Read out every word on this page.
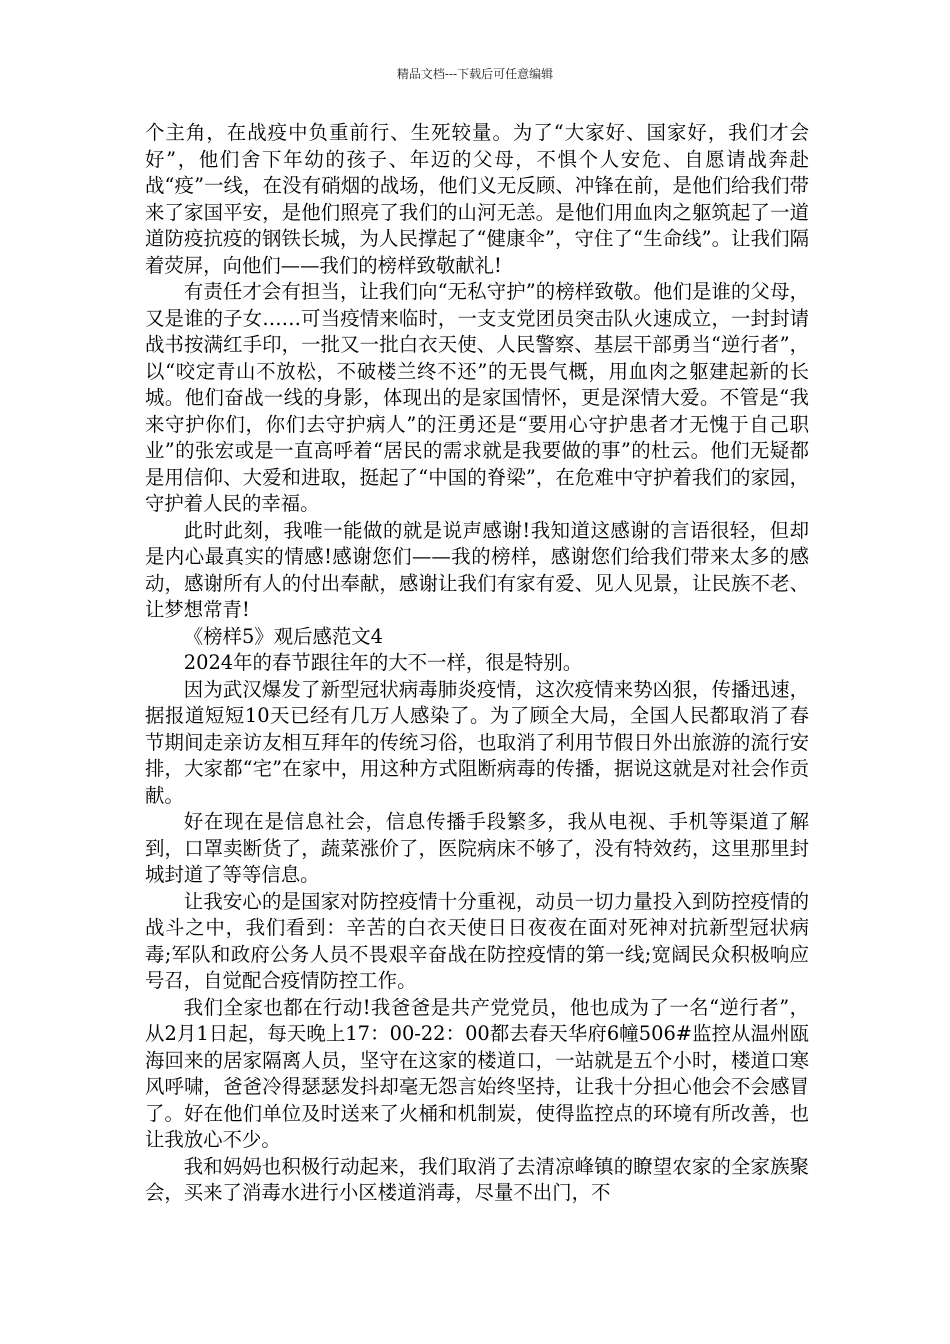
精品文档---下载后可任意编辑

个主角，在战疫中负重前行、生死较量。为了“大家好、国家好，我们才会好”，他们舍下年幼的孩子、年迈的父母，不惧个人安危、自愿请战奔赴战“疫”一线，在没有硝烟的战场，他们义无反顾、冲锋在前，是他们给我们带来了家国平安，是他们照亮了我们的山河无恙。是他们用血肉之躯筑起了一道道防疫抗疫的钢铁长城，为人民撑起了“健康伞”，守住了“生命线”。让我们隔着荧屏，向他们——我们的榜样致敬献礼!

有责任才会有担当，让我们向“无私守护”的榜样致敬。他们是谁的父母，又是谁的子女……可当疫情来临时，一支支党团员突击队火速成立，一封封请战书按满红手印，一批又一批白衣天使、人民警察、基层干部勇当“逆行者”，以“咬定青山不放松，不破楼兰终不还”的无畏气概，用血肉之躯建起新的长城。他们奋战一线的身影，体现出的是家国情怀，更是深情大爱。不管是“我来守护你们，你们去守护病人”的汪勇还是“要用心守护患者才无愧于自己职业”的张宏或是一直高呼着“居民的需求就是我要做的事”的杜云。他们无疑都是用信仰、大爱和进取，挺起了“中国的脊梁”，在危难中守护着我们的家园，守护着人民的幸福。

此时此刻，我唯一能做的就是说声感谢!我知道这感谢的言语很轻，但却是内心最真实的情感!感谢您们——我的榜样，感谢您们给我们带来太多的感动，感谢所有人的付出奉献，感谢让我们有家有爱、见人见景，让民族不老、让梦想常青!

《榜样5》观后感范文4

2024年的春节跟往年的大不一样，很是特别。

因为武汉爆发了新型冠状病毒肺炎疫情，这次疫情来势凶狠，传播迅速，据报道短短10天已经有几万人感染了。为了顾全大局，全国人民都取消了春节期间走亲访友相互拜年的传统习俗，也取消了利用节假日外出旅游的流行安排，大家都“宅”在家中，用这种方式阻断病毒的传播，据说这就是对社会作贡献。

好在现在是信息社会，信息传播手段繁多，我从电视、手机等渠道了解到，口罩卖断货了，蔬菜涨价了，医院病床不够了，没有特效药，这里那里封城封道了等等信息。

让我安心的是国家对防控疫情十分重视，动员一切力量投入到防控疫情的战斗之中，我们看到：辛苦的白衣天使日日夜夜在面对死神对抗新型冠状病毒;军队和政府公务人员不畏艰辛奋战在防控疫情的第一线;宽阔民众积极响应号召，自觉配合疫情防控工作。

我们全家也都在行动!我爸爸是共产党党员，他也成为了一名“逆行者”，从2月1日起，每天晚上17：00-22：00都去春天华府6幢506#监控从温州瓯海回来的居家隔离人员，坚守在这家的楼道口，一站就是五个小时，楼道口寒风呼啸，爸爸冷得瑟瑟发抖却毫无怨言始终坚持，让我十分担心他会不会感冒了。好在他们单位及时送来了火桶和机制炭，使得监控点的环境有所改善，也让我放心不少。

我和妈妈也积极行动起来，我们取消了去清凉峰镇的瞭望农家的全家族聚会，买来了消毒水进行小区楼道消毒，尽量不出门，不
